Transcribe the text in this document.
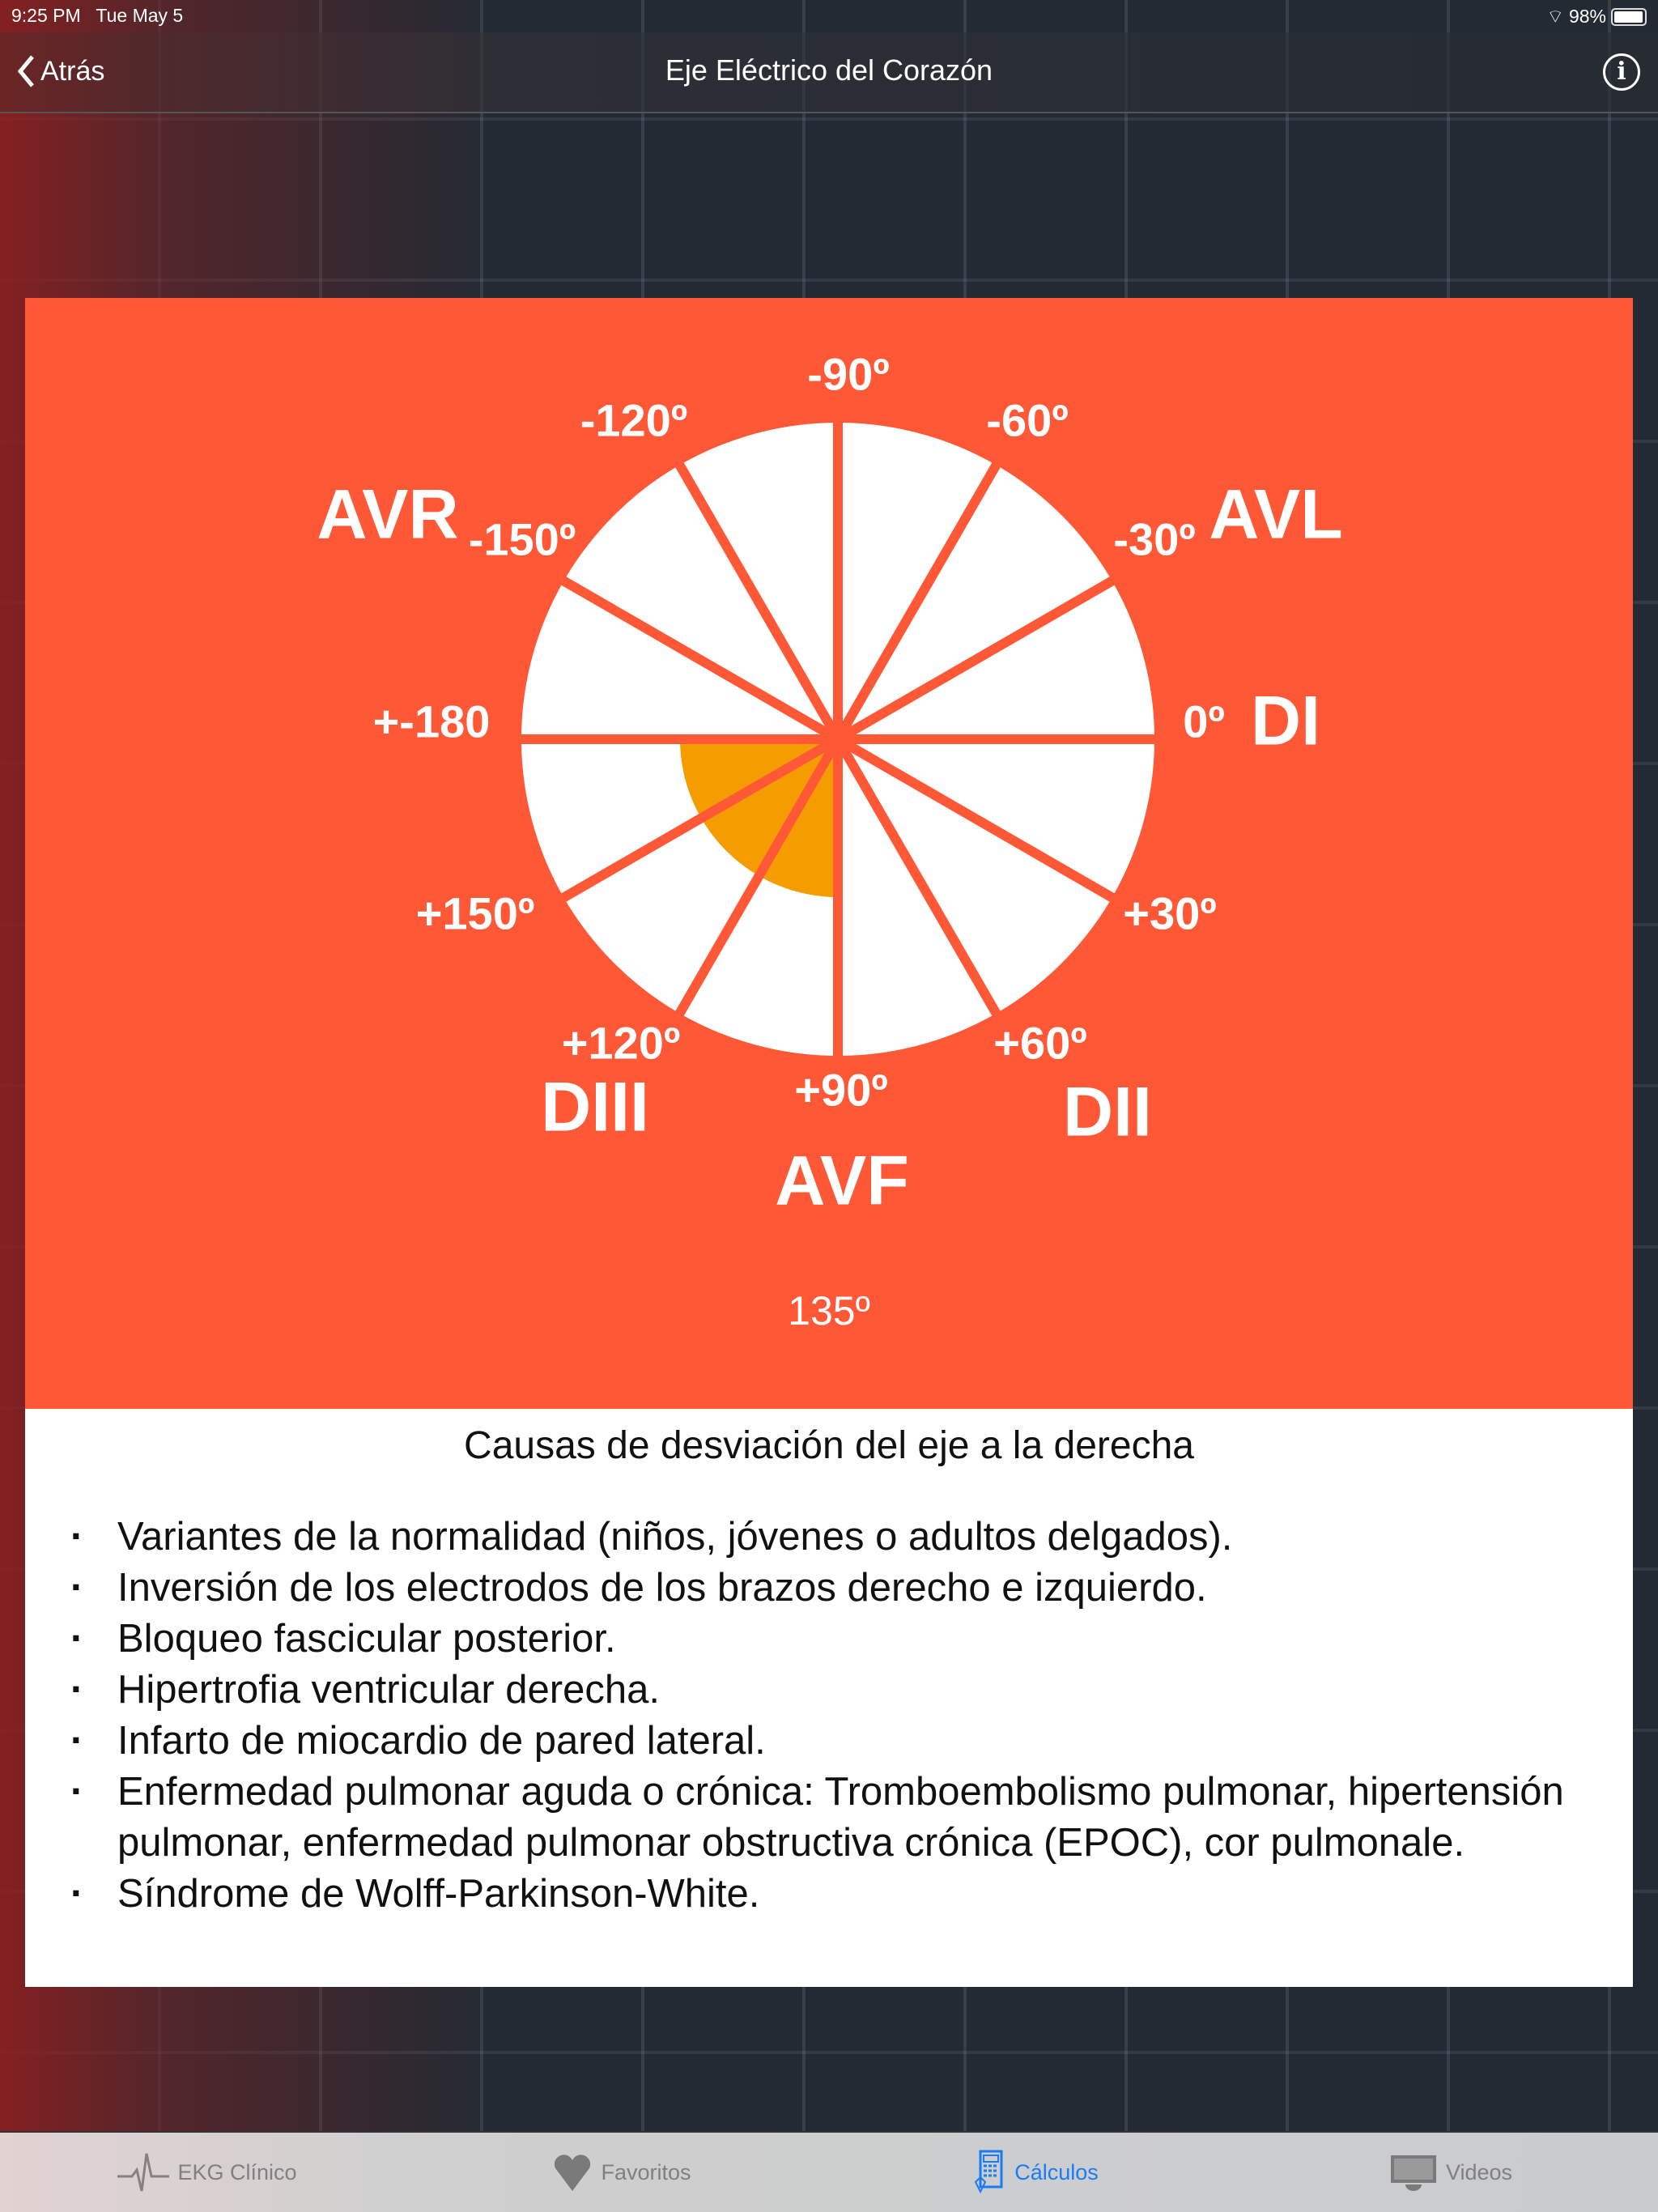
9:25 PM Tue May 5	⌔ 98%
Atrás	Eje Eléctrico del Corazón	i
-90º
-120º	-60º
AVR -150º	-30º AVL
+-180	0º DI
+150º	+30º
+120º	+60º
DIII	+90º	DII
AVF
135º
Causas de desviación del eje a la derecha
· Variantes de la normalidad (niños, jóvenes o adultos delgados).
· Inversión de los electrodos de los brazos derecho e izquierdo.
· Bloqueo fascicular posterior.
· Hipertrofia ventricular derecha.
· Infarto de miocardio de pared lateral.
· Enfermedad pulmonar aguda o crónica: Tromboembolismo pulmonar, hipertensión pulmonar, enfermedad pulmonar obstructiva crónica (EPOC), cor pulmonale.
· Síndrome de Wolff-Parkinson-White.
EKG Clínico	Favoritos	Cálculos	Videos
